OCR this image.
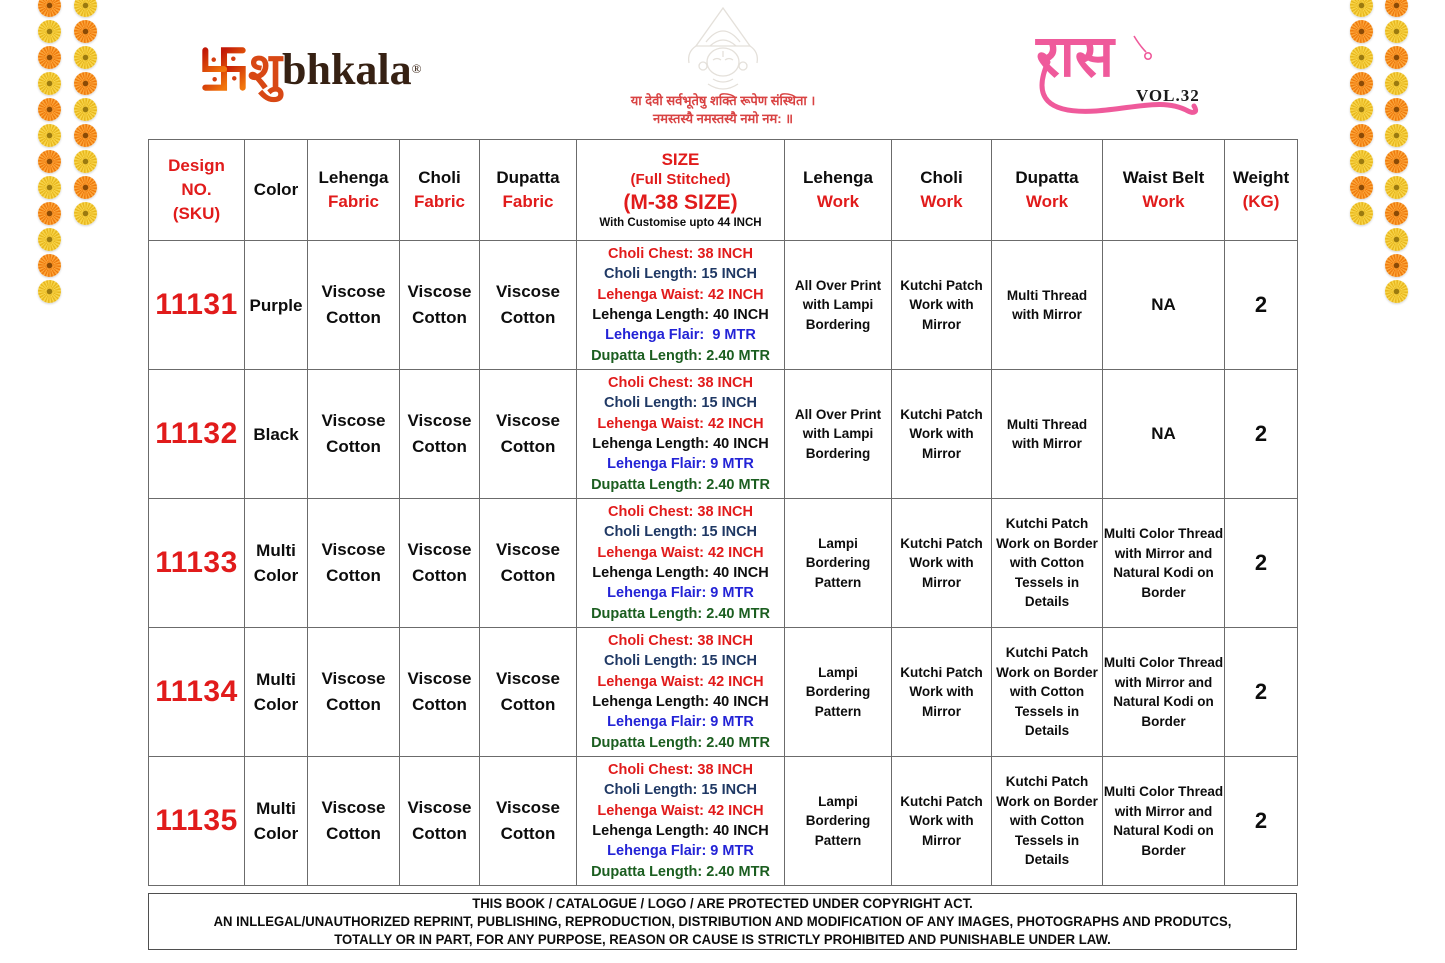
शु bhkala ®
या देवी सर्वभूतेषु शक्ति रूपेण संस्थिता ।
नमस्तस्यै नमस्तस्यै नमो नम: ॥
रास
VOL.32
Design
NO.
(SKU)	Color	Lehenga
Fabric	Choli
Fabric	Dupatta
Fabric	SIZE
(Full Stitched)
(M-38 SIZE)
With Customise upto 44 INCH	Lehenga
Work	Choli
Work	Dupatta
Work	Waist Belt
Work	Weight
(KG)

11131	Purple	Viscose Cotton	Viscose Cotton	Viscose Cotton	
Choli Chest: 38 INCH
Choli Length: 15 INCH
Lehenga Waist: 42 INCH
Lehenga Length: 40 INCH
Lehenga Flair:  9 MTR
Dupatta Length: 2.40 MTR
	All Over Print with Lampi Bordering	Kutchi Patch Work with Mirror	Multi Thread with Mirror	NA	2
11132	Black	Viscose Cotton	Viscose Cotton	Viscose Cotton	
Choli Chest: 38 INCH
Choli Length: 15 INCH
Lehenga Waist: 42 INCH
Lehenga Length: 40 INCH
Lehenga Flair: 9 MTR
Dupatta Length: 2.40 MTR
	All Over Print with Lampi Bordering	Kutchi Patch Work with Mirror	Multi Thread with Mirror	NA	2
11133	Multi Color	Viscose Cotton	Viscose Cotton	Viscose Cotton	
Choli Chest: 38 INCH
Choli Length: 15 INCH
Lehenga Waist: 42 INCH
Lehenga Length: 40 INCH
Lehenga Flair: 9 MTR
Dupatta Length: 2.40 MTR
	Lampi Bordering Pattern	Kutchi Patch Work with Mirror	Kutchi Patch Work on Border with Cotton Tessels in Details	Multi Color Thread with Mirror and Natural Kodi on Border	2
11134	Multi Color	Viscose Cotton	Viscose Cotton	Viscose Cotton	
Choli Chest: 38 INCH
Choli Length: 15 INCH
Lehenga Waist: 42 INCH
Lehenga Length: 40 INCH
Lehenga Flair: 9 MTR
Dupatta Length: 2.40 MTR
	Lampi Bordering Pattern	Kutchi Patch Work with Mirror	Kutchi Patch Work on Border with Cotton Tessels in Details	Multi Color Thread with Mirror and Natural Kodi on Border	2
11135	Multi Color	Viscose Cotton	Viscose Cotton	Viscose Cotton	
Choli Chest: 38 INCH
Choli Length: 15 INCH
Lehenga Waist: 42 INCH
Lehenga Length: 40 INCH
Lehenga Flair: 9 MTR
Dupatta Length: 2.40 MTR
	Lampi Bordering Pattern	Kutchi Patch Work with Mirror	Kutchi Patch Work on Border with Cotton Tessels in Details	Multi Color Thread with Mirror and Natural Kodi on Border	2
THIS BOOK / CATALOGUE / LOGO / ARE PROTECTED UNDER COPYRIGHT ACT.
AN INLLEGAL/UNAUTHORIZED REPRINT, PUBLISHING, REPRODUCTION, DISTRIBUTION AND MODIFICATION OF ANY IMAGES, PHOTOGRAPHS AND PRODUTCS,
TOTALLY OR IN PART, FOR ANY PURPOSE, REASON OR CAUSE IS STRICTLY PROHIBITED AND PUNISHABLE UNDER LAW.
